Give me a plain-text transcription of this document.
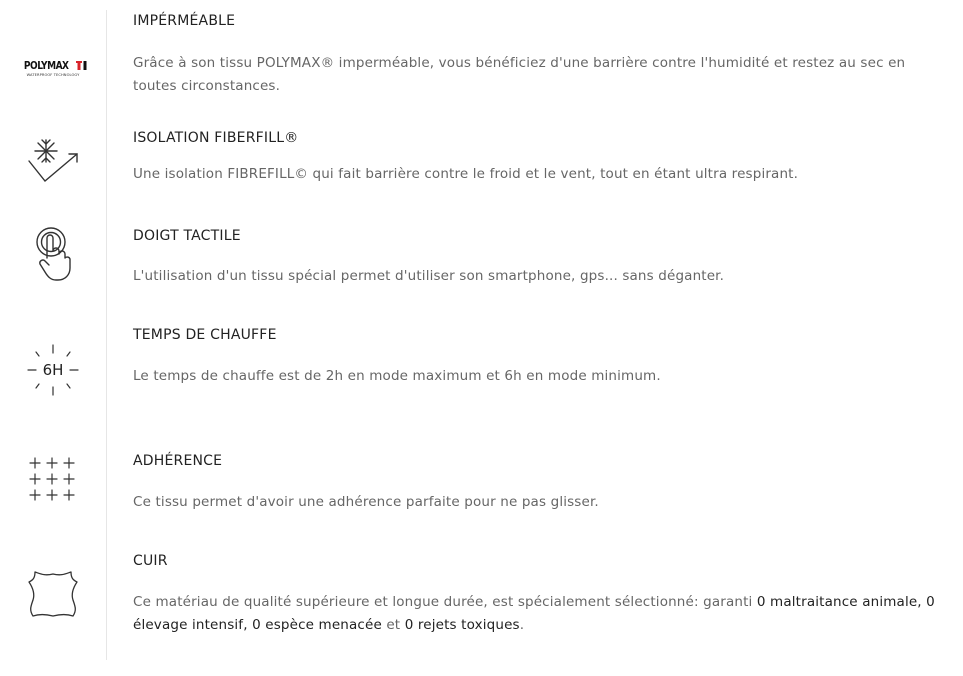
POLYMAX
WATERPROOF TECHNOLOGY
IMPÉRMÉABLE
Grâce à son tissu POLYMAX® imperméable, vous bénéficiez d'une barrière contre l'humidité et restez au sec en toutes circonstances.
ISOLATION FIBERFILL®
Une isolation FIBREFILL© qui fait barrière contre le froid et le vent, tout en étant ultra respirant.
DOIGT TACTILE
L'utilisation d'un tissu spécial permet d'utiliser son smartphone, gps... sans déganter.
6H
TEMPS DE CHAUFFE
Le temps de chauffe est de 2h en mode maximum et 6h en mode minimum.
ADHÉRENCE
Ce tissu permet d'avoir une adhérence parfaite pour ne pas glisser.
CUIR
Ce matériau de qualité supérieure et longue durée, est spécialement sélectionné: garanti 0 maltraitance animale, 0 élevage intensif, 0 espèce menacée et 0 rejets toxiques.
